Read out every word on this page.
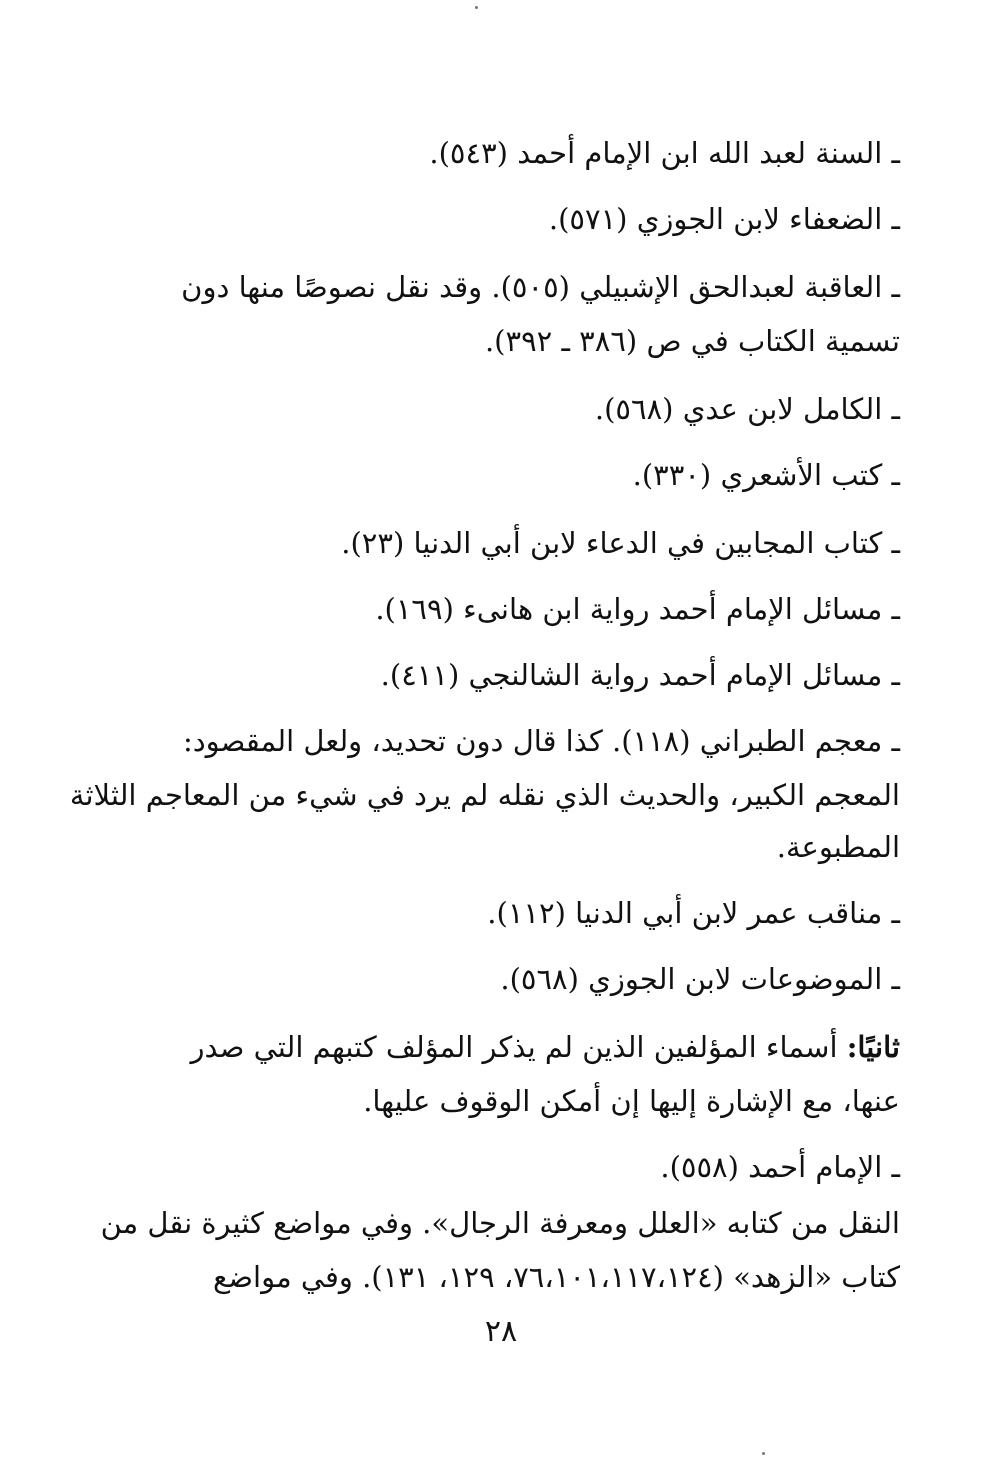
ـ السنة لعبد الله ابن الإمام أحمد (٥٤٣).
ـ الضعفاء لابن الجوزي (٥٧١).
ـ العاقبة لعبدالحق الإشبيلي (٥٠٥). وقد نقل نصوصًا منها دون
تسمية الكتاب في ص (٣٨٦ ـ ٣٩٢).
ـ الكامل لابن عدي (٥٦٨).
ـ كتب الأشعري (٣٣٠).
ـ كتاب المجابين في الدعاء لابن أبي الدنيا (٢٣).
ـ مسائل الإمام أحمد رواية ابن هانىء (١٦٩).
ـ مسائل الإمام أحمد رواية الشالنجي (٤١١).
ـ معجم الطبراني (١١٨). كذا قال دون تحديد، ولعل المقصود:
المعجم الكبير، والحديث الذي نقله لم يرد في شيء من المعاجم الثلاثة
المطبوعة.
ـ مناقب عمر لابن أبي الدنيا (١١٢).
ـ الموضوعات لابن الجوزي (٥٦٨).
ثانيًا: أسماء المؤلفين الذين لم يذكر المؤلف كتبهم التي صدر
عنها، مع الإشارة إليها إن أمكن الوقوف عليها.
ـ الإمام أحمد (٥٥٨).
النقل من كتابه «العلل ومعرفة الرجال». وفي مواضع كثيرة نقل من
كتاب «الزهد» (٧٦،١٠١،١١٧،١٢٤، ١٢٩، ١٣١). وفي مواضع
٢٨
